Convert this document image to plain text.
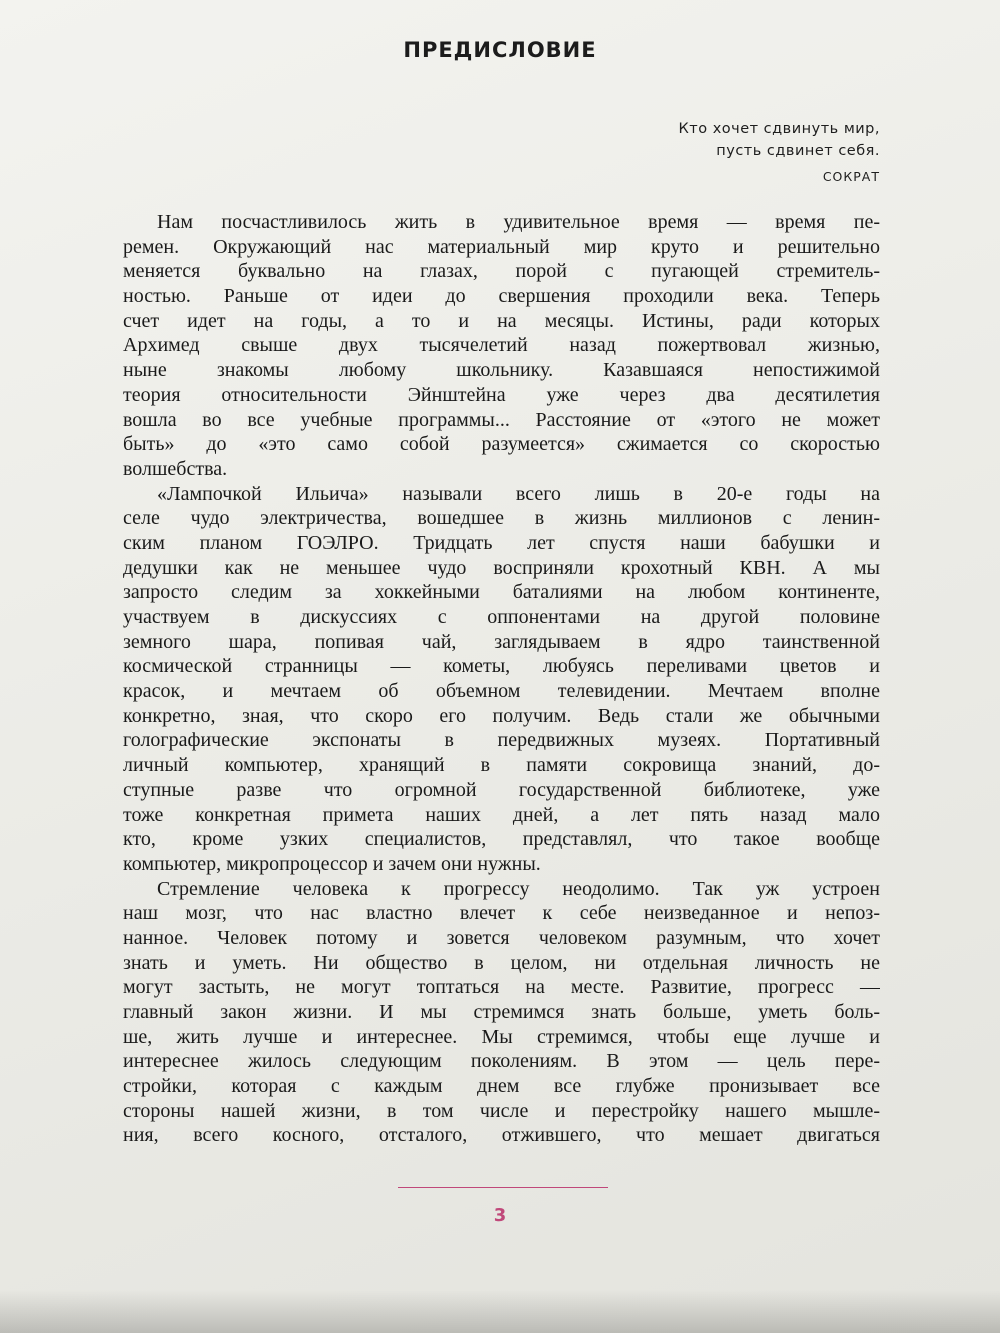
ПРЕДИСЛОВИЕ
Кто хочет сдвинуть мир,
пусть сдвинет себя.
СОКРАТ
Нам посчастливилось жить в удивительное время — время пе-
ремен. Окружающий нас материальный мир круто и решительно
меняется буквально на глазах, порой с пугающей стремитель-
ностью. Раньше от идеи до свершения проходили века. Теперь
счет идет на годы, а то и на месяцы. Истины, ради которых
Архимед свыше двух тысячелетий назад пожертвовал жизнью,
ныне знакомы любому школьнику. Казавшаяся непостижимой
теория относительности Эйнштейна уже через два десятилетия
вошла во все учебные программы... Расстояние от «этого не может
быть» до «это само собой разумеется» сжимается со скоростью
волшебства.
«Лампочкой Ильича» называли всего лишь в 20-е годы на
селе чудо электричества, вошедшее в жизнь миллионов с ленин-
ским планом ГОЭЛРО. Тридцать лет спустя наши бабушки и
дедушки как не меньшее чудо восприняли крохотный КВН. А мы
запросто следим за хоккейными баталиями на любом континенте,
участвуем в дискуссиях с оппонентами на другой половине
земного шара, попивая чай, заглядываем в ядро таинственной
космической странницы — кометы, любуясь переливами цветов и
красок, и мечтаем об объемном телевидении. Мечтаем вполне
конкретно, зная, что скоро его получим. Ведь стали же обычными
голографические экспонаты в передвижных музеях. Портативный
личный компьютер, хранящий в памяти сокровища знаний, до-
ступные разве что огромной государственной библиотеке, уже
тоже конкретная примета наших дней, а лет пять назад мало
кто, кроме узких специалистов, представлял, что такое вообще
компьютер, микропроцессор и зачем они нужны.
Стремление человека к прогрессу неодолимо. Так уж устроен
наш мозг, что нас властно влечет к себе неизведанное и непоз-
нанное. Человек потому и зовется человеком разумным, что хочет
знать и уметь. Ни общество в целом, ни отдельная личность не
могут застыть, не могут топтаться на месте. Развитие, прогресс —
главный закон жизни. И мы стремимся знать больше, уметь боль-
ше, жить лучше и интереснее. Мы стремимся, чтобы еще лучше и
интереснее жилось следующим поколениям. В этом — цель пере-
стройки, которая с каждым днем все глубже пронизывает все
стороны нашей жизни, в том числе и перестройку нашего мышле-
ния, всего косного, отсталого, отжившего, что мешает двигаться
3
